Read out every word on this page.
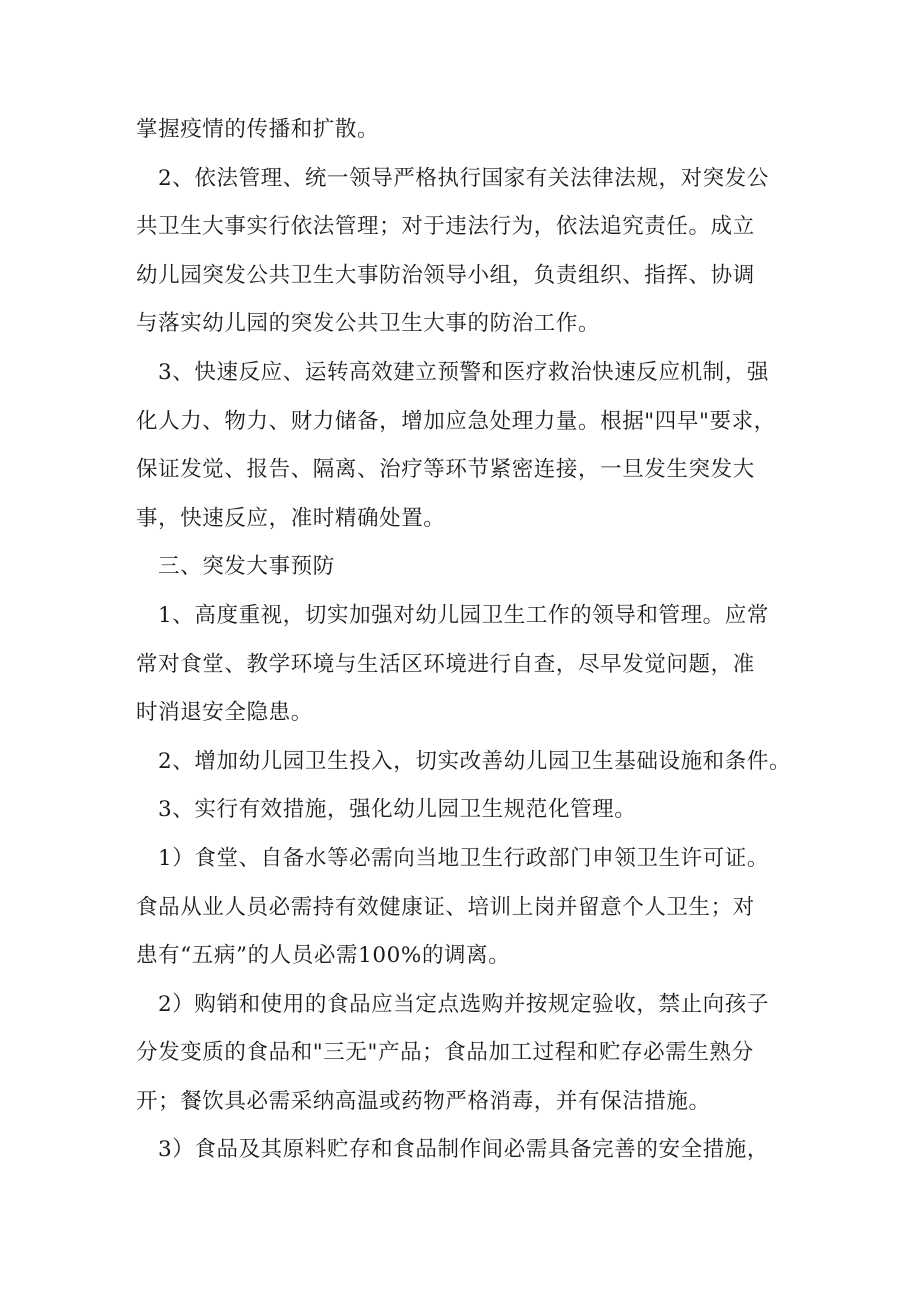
掌握疫情的传播和扩散。
2、依法管理、统一领导严格执行国家有关法律法规，对突发公
共卫生大事实行依法管理；对于违法行为，依法追究责任。成立
幼儿园突发公共卫生大事防治领导小组，负责组织、指挥、协调
与落实幼儿园的突发公共卫生大事的防治工作。
3、快速反应、运转高效建立预警和医疗救治快速反应机制，强
化人力、物力、财力储备，增加应急处理力量。根据"四早"要求，
保证发觉、报告、隔离、治疗等环节紧密连接，一旦发生突发大
事，快速反应，准时精确处置。
三、突发大事预防
1、高度重视，切实加强对幼儿园卫生工作的领导和管理。应常
常对食堂、教学环境与生活区环境进行自查，尽早发觉问题，准
时消退安全隐患。
2、增加幼儿园卫生投入，切实改善幼儿园卫生基础设施和条件。
3、实行有效措施，强化幼儿园卫生规范化管理。
1）食堂、自备水等必需向当地卫生行政部门申领卫生许可证。
食品从业人员必需持有效健康证、培训上岗并留意个人卫生；对
患有“五病”的人员必需100%的调离。
2）购销和使用的食品应当定点选购并按规定验收，禁止向孩子
分发变质的食品和"三无"产品；食品加工过程和贮存必需生熟分
开；餐饮具必需采纳高温或药物严格消毒，并有保洁措施。
3）食品及其原料贮存和食品制作间必需具备完善的安全措施，
